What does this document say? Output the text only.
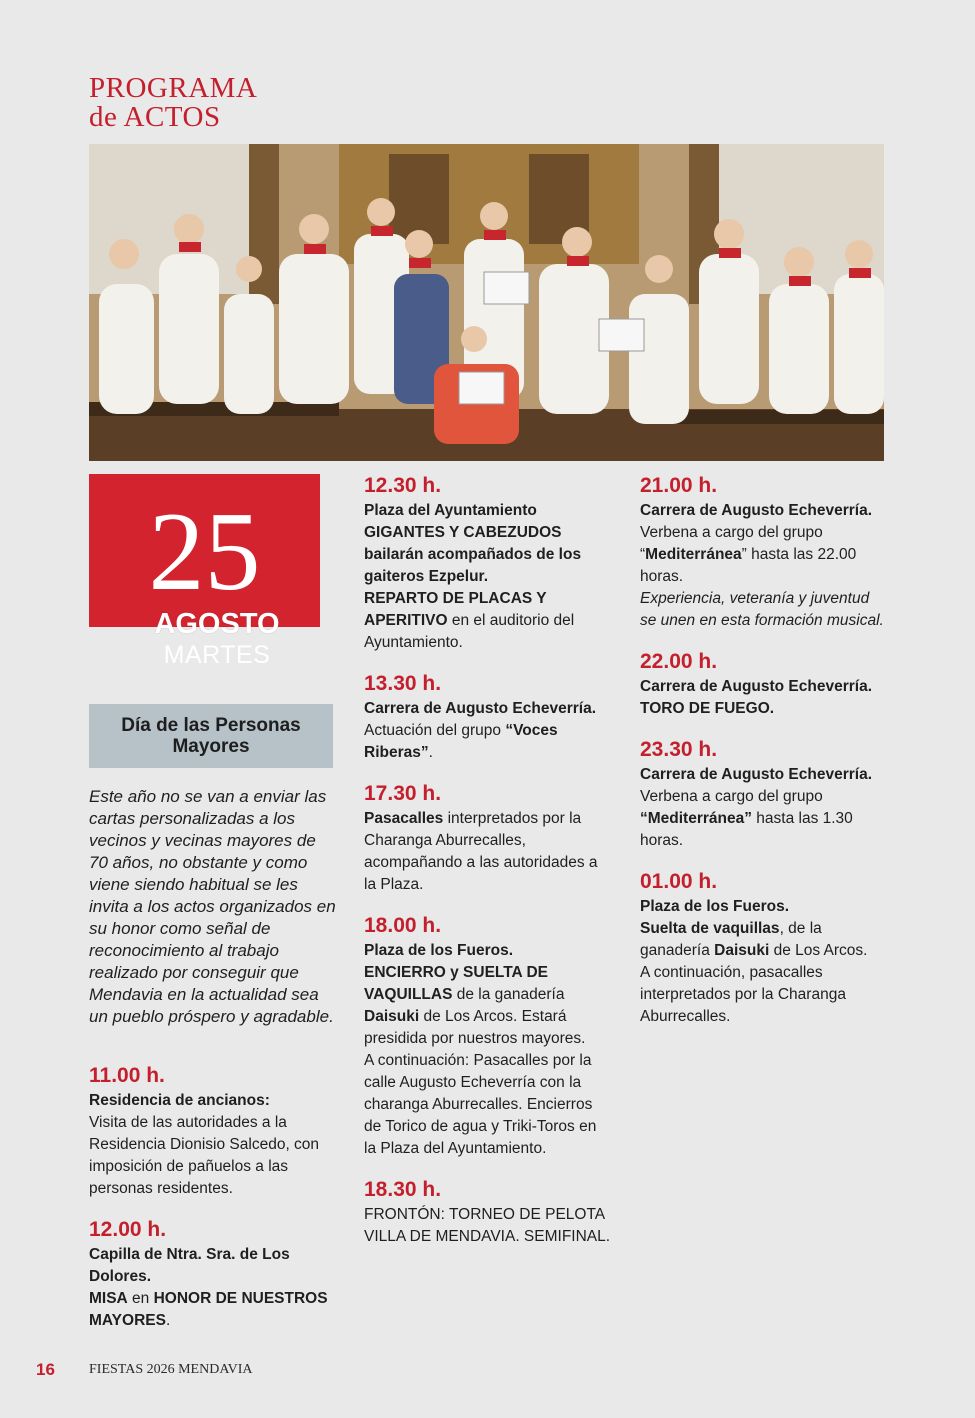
PROGRAMA
de ACTOS
25
AGOSTO
MARTES
Día de las Personas Mayores
Este año no se van a enviar las cartas personalizadas a los vecinos y vecinas mayores de 70 años, no obstante y como viene siendo habitual se les invita a los actos organizados en su honor como señal de reconocimiento al trabajo realizado por conseguir que Mendavia en la actualidad sea un pueblo próspero y agradable.
11.00 h.
Residencia de ancianos:
Visita de las autoridades a la Residencia Dionisio Salcedo, con imposición de pañuelos a las personas residentes.
12.00 h.
Capilla de Ntra. Sra. de Los Dolores.
MISA en HONOR DE NUESTROS MAYORES.
12.30 h.
Plaza del Ayuntamiento
GIGANTES Y CABEZUDOS bailarán acompañados de los gaiteros Ezpelur.
REPARTO DE PLACAS Y APERITIVO en el auditorio del Ayuntamiento.
13.30 h.
Carrera de Augusto Echeverría.
Actuación del grupo “Voces Riberas”.
17.30 h.
Pasacalles interpretados por la Charanga Aburrecalles, acompañando a las autoridades a la Plaza.
18.00 h.
Plaza de los Fueros.
ENCIERRO y SUELTA DE VAQUILLAS de la ganadería Daisuki de Los Arcos. Estará presidida por nuestros mayores.
A continuación: Pasacalles por la calle Augusto Echeverría con la charanga Aburrecalles. Encierros de Torico de agua y Triki-Toros en la Plaza del Ayuntamiento.
18.30 h.
FRONTÓN: TORNEO DE PELOTA VILLA DE MENDAVIA. SEMIFINAL.
21.00 h.
Carrera de Augusto Echeverría.
Verbena a cargo del grupo “Mediterránea” hasta las 22.00 horas.
Experiencia, veteranía y juventud se unen en esta formación musical.
22.00 h.
Carrera de Augusto Echeverría.
TORO DE FUEGO.
23.30 h.
Carrera de Augusto Echeverría.
Verbena a cargo del grupo “Mediterránea” hasta las 1.30 horas.
01.00 h.
Plaza de los Fueros.
Suelta de vaquillas, de la ganadería Daisuki de Los Arcos.
A continuación, pasacalles interpretados por la Charanga Aburrecalles.
16 FIESTAS 2026 MENDAVIA
